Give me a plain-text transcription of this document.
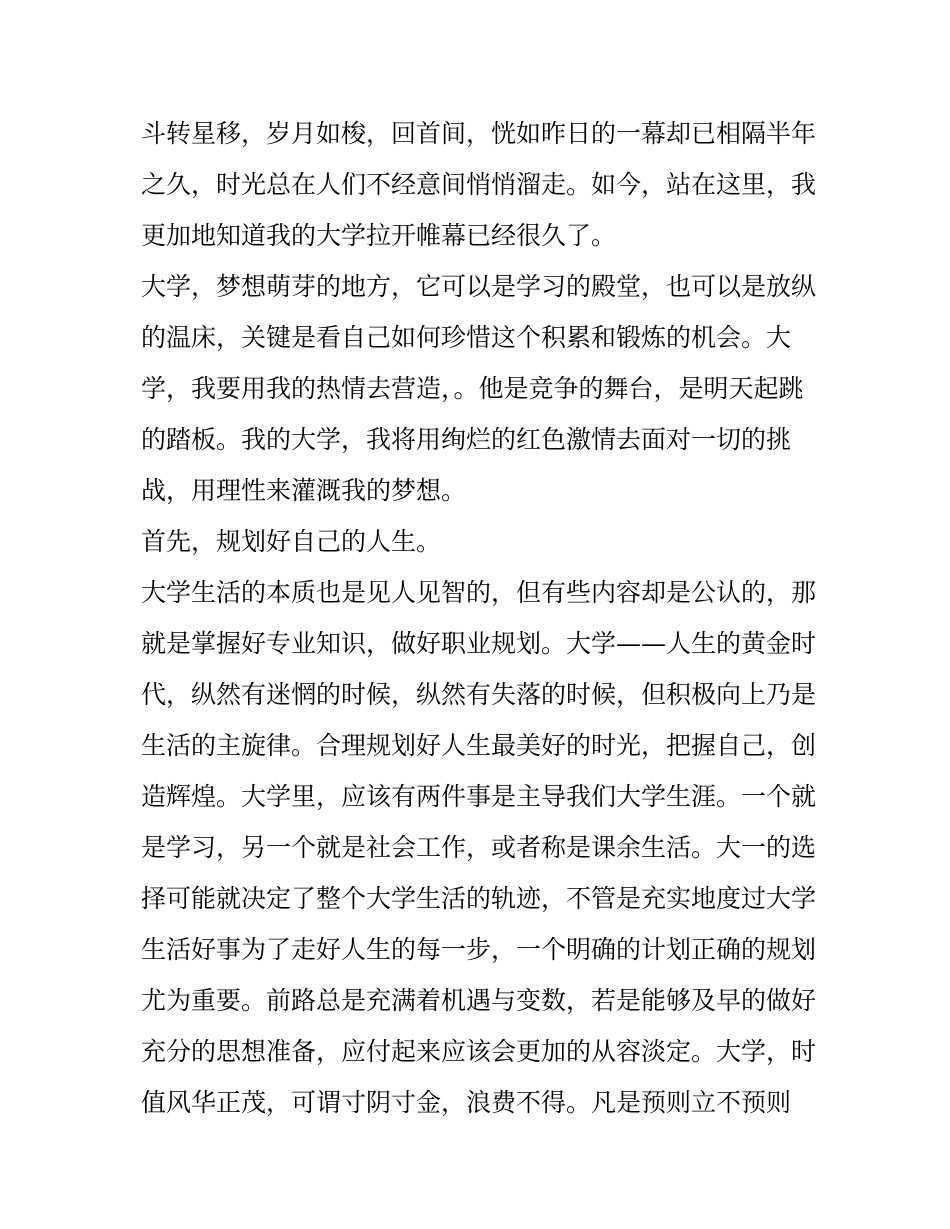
斗转星移，岁月如梭，回首间，恍如昨日的一幕却已相隔半年
之久，时光总在人们不经意间悄悄溜走。如今，站在这里，我
更加地知道我的大学拉开帷幕已经很久了。
大学，梦想萌芽的地方，它可以是学习的殿堂，也可以是放纵
的温床，关键是看自己如何珍惜这个积累和锻炼的机会。大
学，我要用我的热情去营造，。他是竞争的舞台，是明天起跳
的踏板。我的大学，我将用绚烂的红色激情去面对一切的挑
战，用理性来灌溉我的梦想。
首先，规划好自己的人生。
大学生活的本质也是见人见智的，但有些内容却是公认的，那
就是掌握好专业知识，做好职业规划。大学——人生的黄金时
代，纵然有迷惘的时候，纵然有失落的时候，但积极向上乃是
生活的主旋律。合理规划好人生最美好的时光，把握自己，创
造辉煌。大学里，应该有两件事是主导我们大学生涯。一个就
是学习，另一个就是社会工作，或者称是课余生活。大一的选
择可能就决定了整个大学生活的轨迹，不管是充实地度过大学
生活好事为了走好人生的每一步，一个明确的计划正确的规划
尤为重要。前路总是充满着机遇与变数，若是能够及早的做好
充分的思想准备，应付起来应该会更加的从容淡定。大学，时
值风华正茂，可谓寸阴寸金，浪费不得。凡是预则立不预则
